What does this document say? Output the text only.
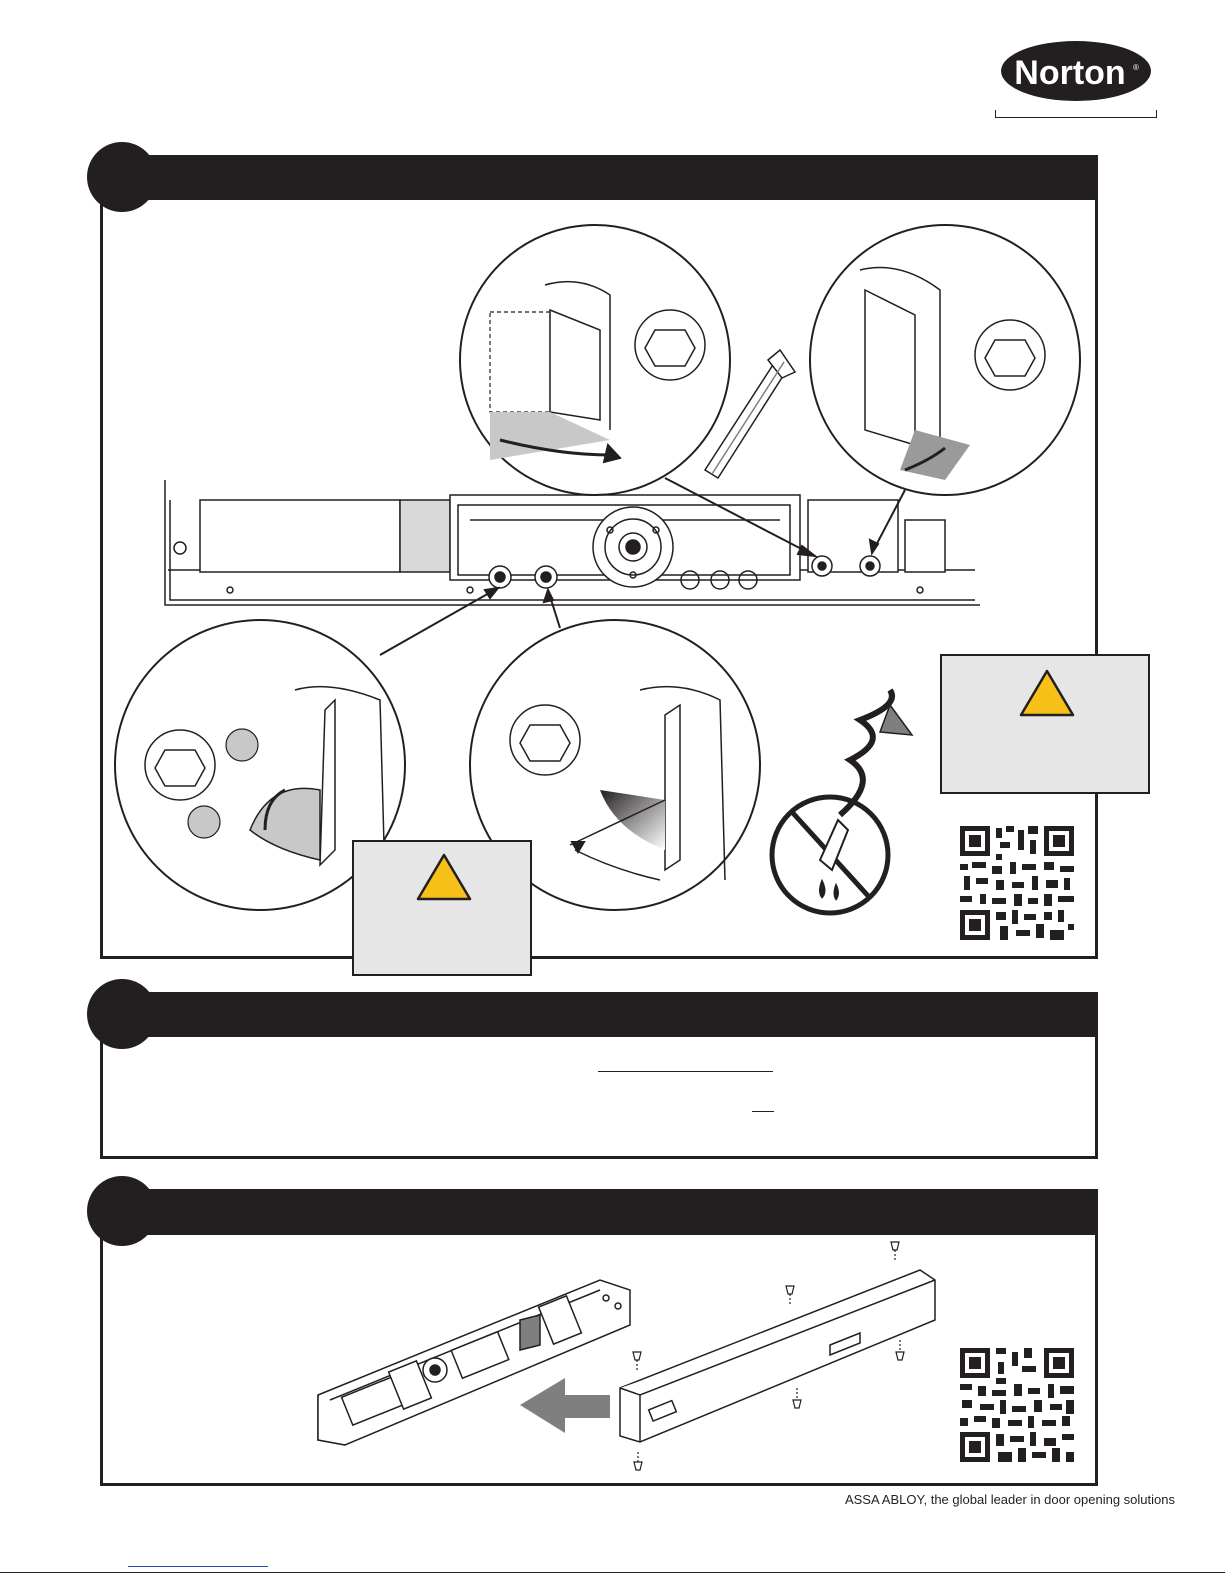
Norton ®
ASSA ABLOY, the global leader in door opening solutions
